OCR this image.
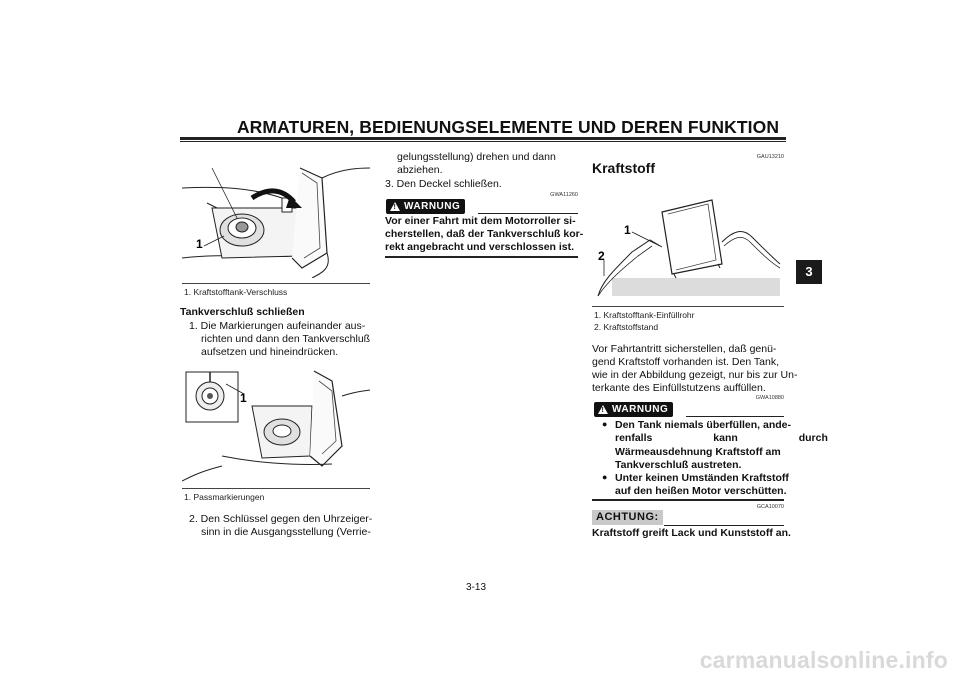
ARMATUREN, BEDIENUNGSELEMENTE UND DEREN FUNKTION
3
1
1. Kraftstofftank-Verschluss
Tankverschluß schließen
1. Die Markierungen aufeinander aus-
richten und dann den Tankverschluß
aufsetzen und hineindrücken.
1
1. Passmarkierungen
2. Den Schlüssel gegen den Uhrzeiger-
sinn in die Ausgangsstellung (Verrie-
gelungsstellung) drehen und dann
abziehen.
3. Den Deckel schließen.
GWA11260
! WARNUNG
Vor einer Fahrt mit dem Motorroller si-
cherstellen, daß der Tankverschluß kor-
rekt angebracht und verschlossen ist.
GAU13210
Kraftstoff
1
2
1. Kraftstofftank-Einfüllrohr
2. Kraftstoffstand
Vor Fahrtantritt sicherstellen, daß genü-
gend Kraftstoff vorhanden ist. Den Tank,
wie in der Abbildung gezeigt, nur bis zur Un-
terkante des Einfüllstutzens auffüllen.
GWA10880
! WARNUNG
● Den Tank niemals überfüllen, ande-
renfalls kann durch
Wärmeausdehnung Kraftstoff am
Tankverschluß austreten.
● Unter keinen Umständen Kraftstoff
auf den heißen Motor verschütten.
GCA10070
ACHTUNG:
Kraftstoff greift Lack und Kunststoff an.
3-13
carmanualsonline.info
